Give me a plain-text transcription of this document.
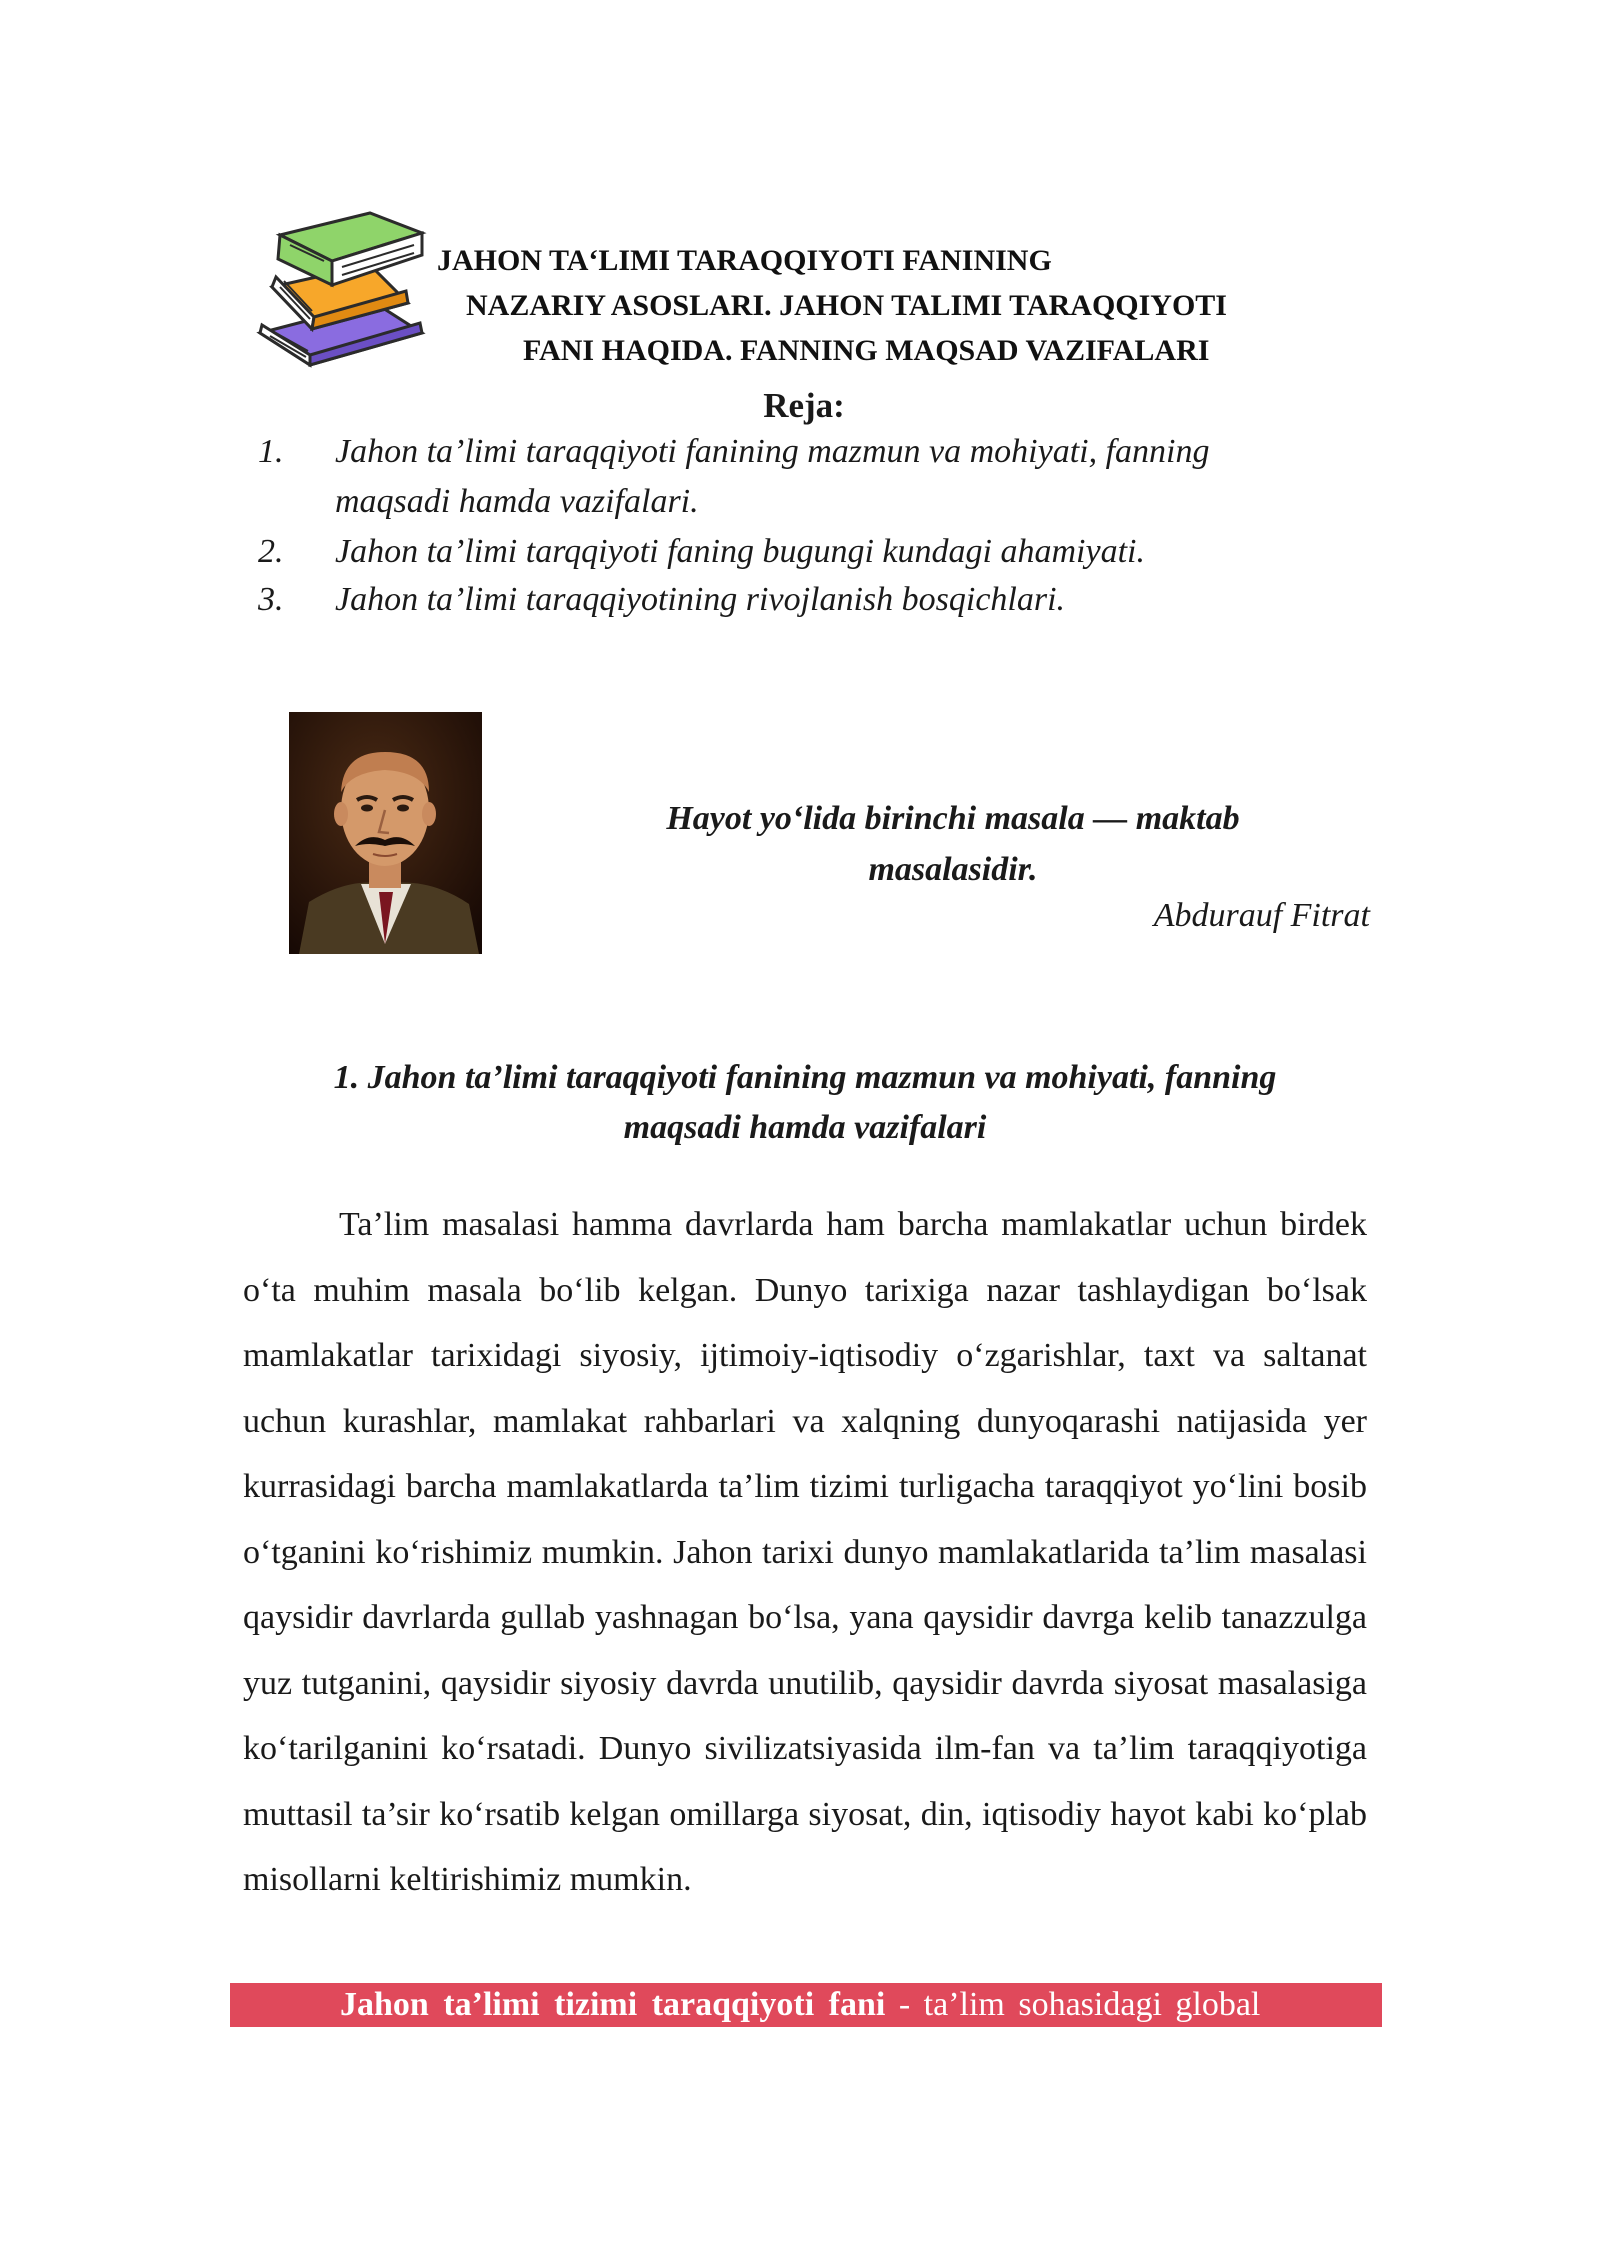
JAHON TA‘LIMI TARAQQIYOTI FANINING
NAZARIY ASOSLARI. JAHON TALIMI TARAQQIYOTI
FANI HAQIDA. FANNING MAQSAD VAZIFALARI
Reja:
1. Jahon ta’limi taraqqiyoti fanining mazmun va mohiyati, fanning
maqsadi hamda vazifalari.
2. Jahon ta’limi tarqqiyoti faning bugungi kundagi ahamiyati.
3. Jahon ta’limi taraqqiyotining rivojlanish bosqichlari.
Hayot yo‘lida birinchi masala — maktab
masalasidir.
Abdurauf Fitrat
1. Jahon ta’limi taraqqiyoti fanining mazmun va mohiyati, fanning
maqsadi hamda vazifalari

Ta’lim masalasi hamma davrlarda ham barcha mamlakatlar uchun birdek o‘ta muhim masala bo‘lib kelgan. Dunyo tarixiga nazar tashlaydigan bo‘lsak mamlakatlar tarixidagi siyosiy, ijtimoiy-iqtisodiy o‘zgarishlar, taxt va saltanat uchun kurashlar, mamlakat rahbarlari va xalqning dunyoqarashi natijasida yer kurrasidagi barcha mamlakatlarda ta’lim tizimi turligacha taraqqiyot yo‘lini bosib o‘tganini ko‘rishimiz mumkin. Jahon tarixi dunyo mamlakatlarida ta’lim masalasi qaysidir davrlarda gullab yashnagan bo‘lsa, yana qaysidir davrga kelib tanazzulga yuz tutganini, qaysidir siyosiy davrda unutilib, qaysidir davrda siyosat masalasiga ko‘tarilganini ko‘rsatadi. Dunyo sivilizatsiyasida ilm-fan va ta’lim taraqqiyotiga muttasil ta’sir ko‘rsatib kelgan omillarga siyosat, din, iqtisodiy hayot kabi ko‘plab misollarni keltirishimiz mumkin.

Jahon ta’limi tizimi taraqqiyoti fani - ta’lim sohasidagi global
